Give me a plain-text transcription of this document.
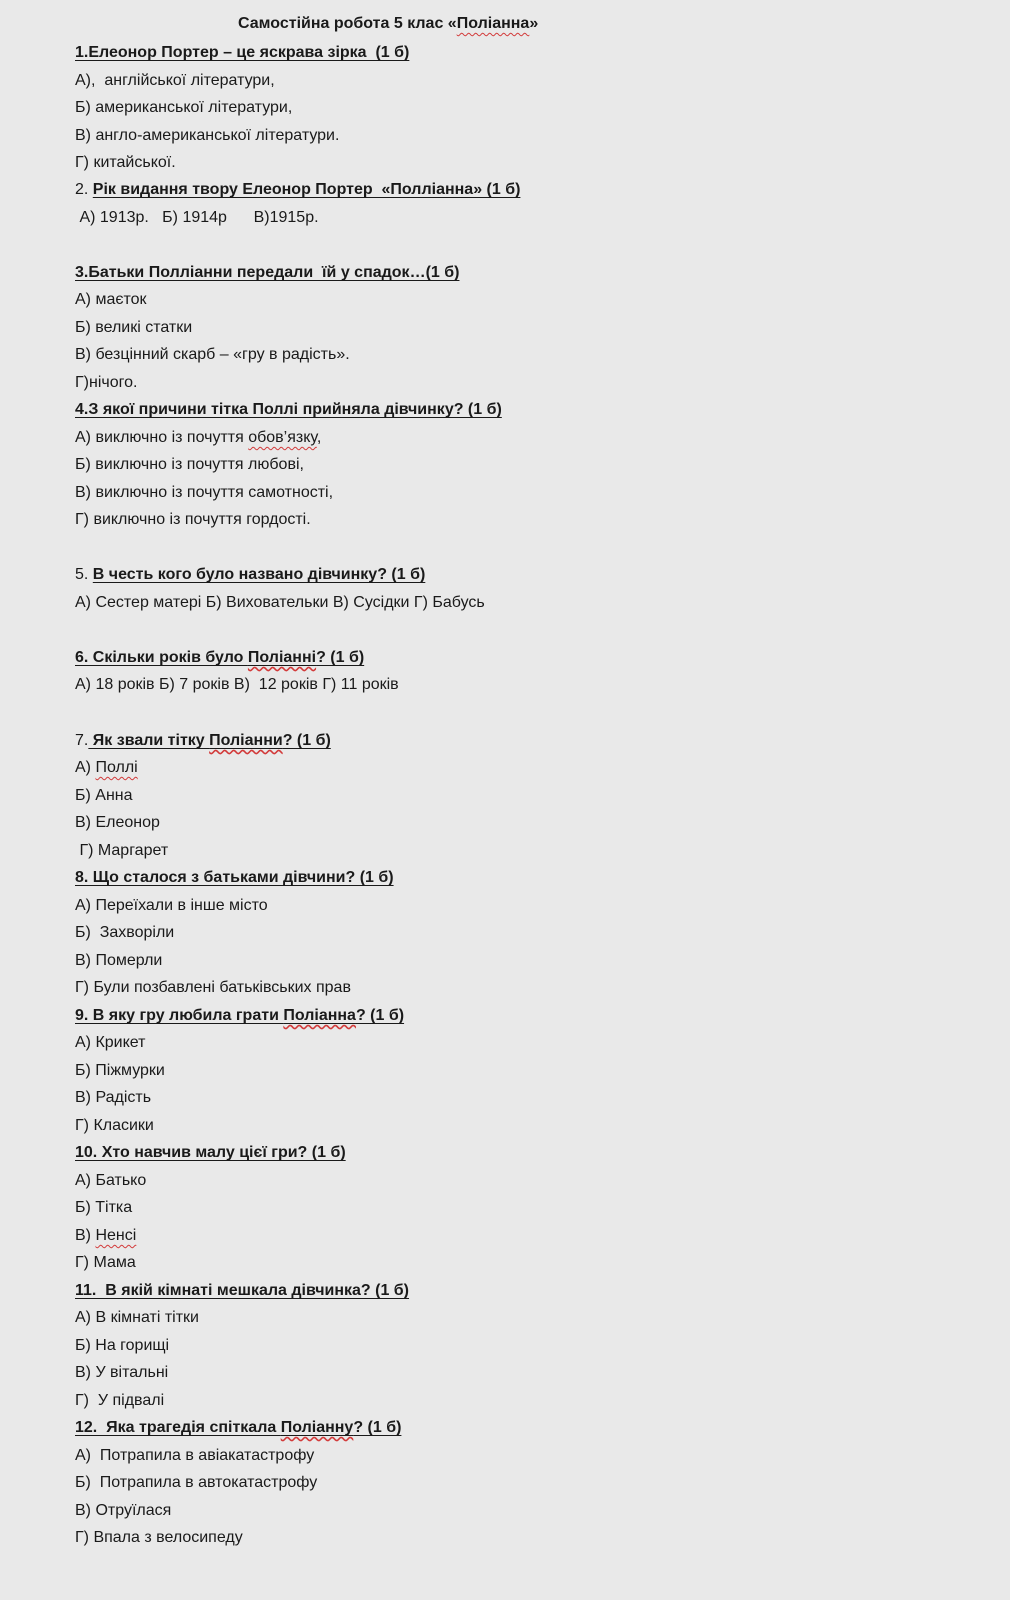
Самостійна робота 5 клас «Поліанна»
1.Елеонор Портер – це яскрава зірка  (1 б)
А),  англійської літератури,
Б) американської літератури,
В) англо-американської літератури.
Г) китайської.
2. Рік видання твору Елеонор Портер  «Полліанна» (1 б)
А) 1913р.   Б) 1914р      В)1915р.
3.Батьки Полліанни передали  їй у спадок…(1 б)
А) маєток
Б) великі статки
В) безцінний скарб – «гру в радість».
Г)нічого.
4.З якої причини тітка Поллі прийняла дівчинку? (1 б)
А) виключно із почуття обов’язку,
Б) виключно із почуття любові,
В) виключно із почуття самотності,
Г) виключно із почуття гордості.
5. В честь кого було названо дівчинку? (1 б)
А) Сестер матері Б) Виховательки В) Сусідки Г) Бабусь
6. Скільки років було Поліанні? (1 б)
А) 18 років Б) 7 років В)  12 років Г) 11 років
7. Як звали тітку Поліанни? (1 б)
А) Поллі
Б) Анна
В) Елеонор
Г) Маргарет
8. Що сталося з батьками дівчини? (1 б)
А) Переїхали в інше місто
Б)  Захворіли
В) Померли
Г) Були позбавлені батьківських прав
9. В яку гру любила грати Поліанна? (1 б)
А) Крикет
Б) Піжмурки
В) Радість
Г) Класики
10. Хто навчив малу цієї гри? (1 б)
А) Батько
Б) Тітка
В) Ненсі
Г) Мама
11.  В якій кімнаті мешкала дівчинка? (1 б)
А) В кімнаті тітки
Б) На горищі
В) У вітальні
Г)  У підвалі
12.  Яка трагедія спіткала Поліанну? (1 б)
А)  Потрапила в авіакатастрофу
Б)  Потрапила в автокатастрофу
В) Отруїлася
Г) Впала з велосипеду
